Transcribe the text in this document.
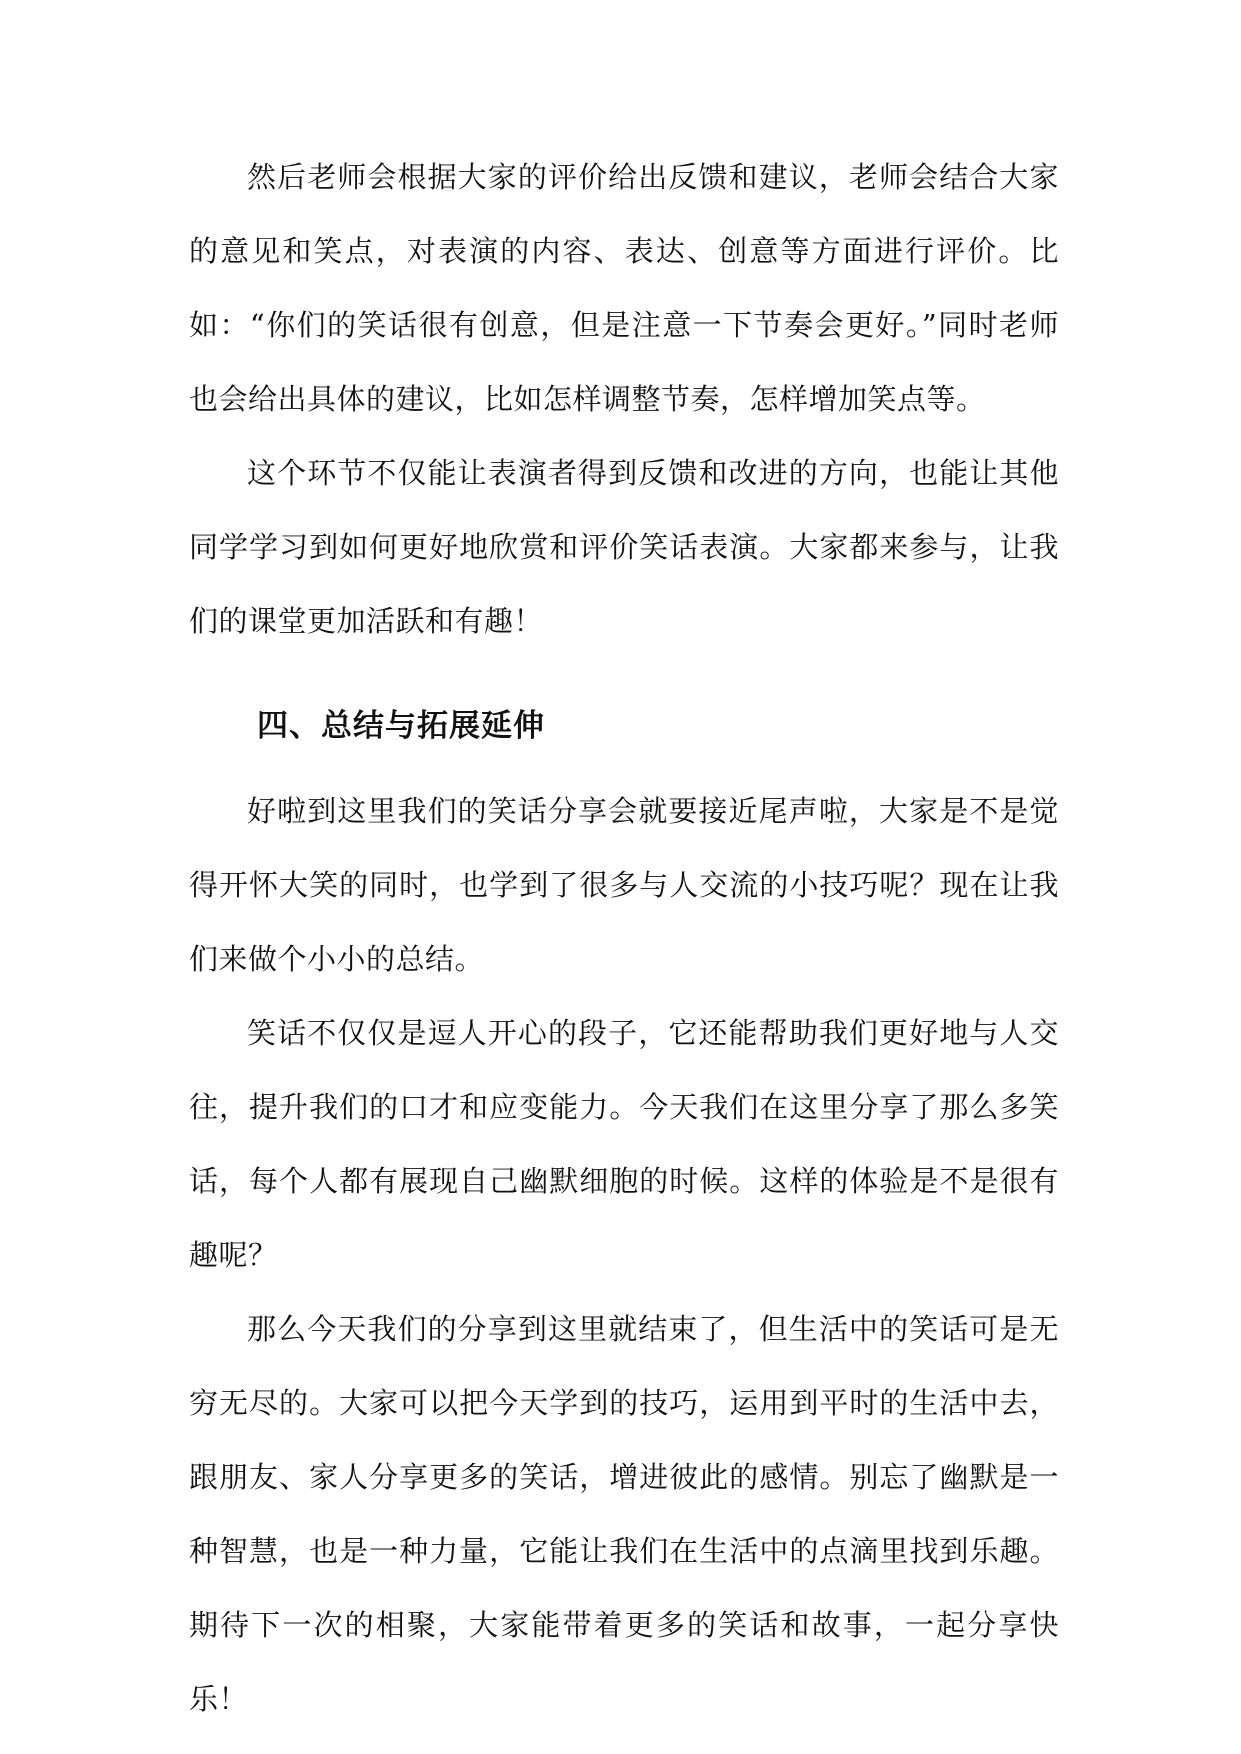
然后老师会根据大家的评价给出反馈和建议，老师会结合大家的意见和笑点，对表演的内容、表达、创意等方面进行评价。比如：“你们的笑话很有创意，但是注意一下节奏会更好。”同时老师也会给出具体的建议，比如怎样调整节奏，怎样增加笑点等。

这个环节不仅能让表演者得到反馈和改进的方向，也能让其他同学学习到如何更好地欣赏和评价笑话表演。大家都来参与，让我们的课堂更加活跃和有趣！

四、总结与拓展延伸

好啦到这里我们的笑话分享会就要接近尾声啦，大家是不是觉得开怀大笑的同时，也学到了很多与人交流的小技巧呢？现在让我们来做个小小的总结。

笑话不仅仅是逗人开心的段子，它还能帮助我们更好地与人交往，提升我们的口才和应变能力。今天我们在这里分享了那么多笑话，每个人都有展现自己幽默细胞的时候。这样的体验是不是很有趣呢？

那么今天我们的分享到这里就结束了，但生活中的笑话可是无穷无尽的。大家可以把今天学到的技巧，运用到平时的生活中去，跟朋友、家人分享更多的笑话，增进彼此的感情。别忘了幽默是一种智慧，也是一种力量，它能让我们在生活中的点滴里找到乐趣。期待下一次的相聚，大家能带着更多的笑话和故事，一起分享快乐！
